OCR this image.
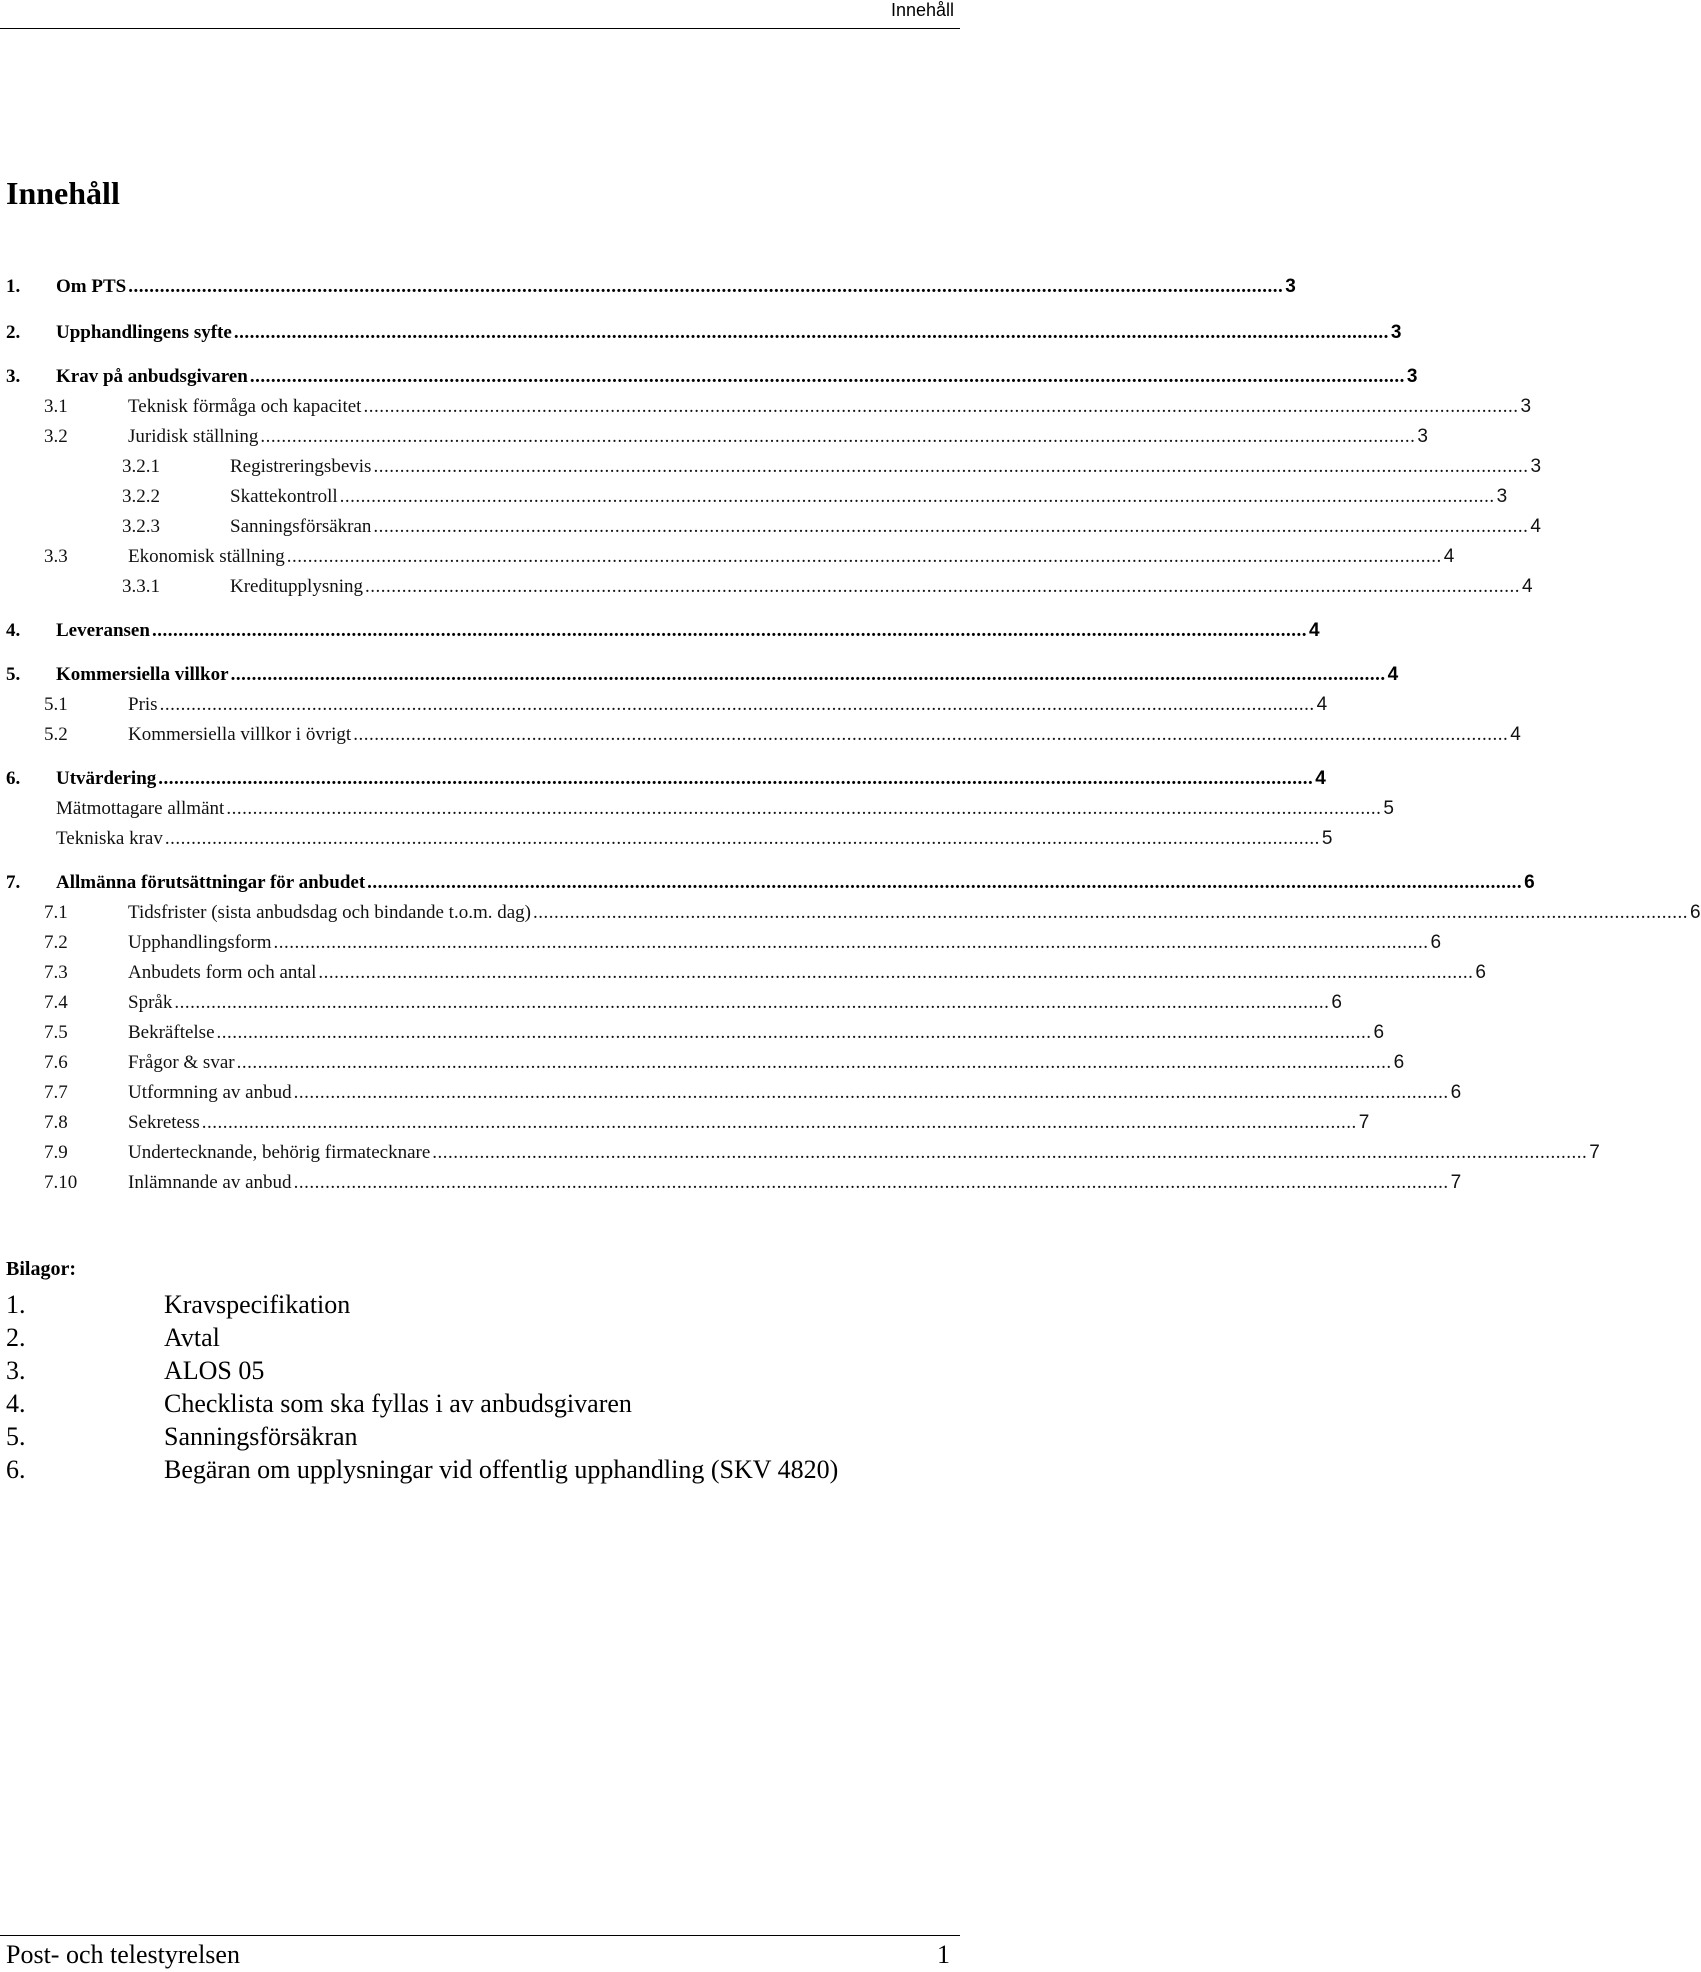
Innehåll
Innehåll
1. Om PTS ............................................................................................................................................................................................................................ 3
2. Upphandlingens syfte ............................................................................................................................................................................................................................ 3
3. Krav på anbudsgivaren ............................................................................................................................................................................................................................ 3
3.1	Teknisk förmåga och kapacitet ............................................................................................................................................................................................................................ 3
3.2	Juridisk ställning ............................................................................................................................................................................................................................ 3
3.2.1	Registreringsbevis ............................................................................................................................................................................................................................ 3
3.2.2	Skattekontroll ............................................................................................................................................................................................................................ 3
3.2.3	Sanningsförsäkran ............................................................................................................................................................................................................................ 4
3.3	Ekonomisk ställning ............................................................................................................................................................................................................................ 4
3.3.1	Kreditupplysning ............................................................................................................................................................................................................................ 4
4. Leveransen ............................................................................................................................................................................................................................ 4
5. Kommersiella villkor ............................................................................................................................................................................................................................ 4
5.1	Pris ............................................................................................................................................................................................................................ 4
5.2	Kommersiella villkor i övrigt ............................................................................................................................................................................................................................ 4
6. Utvärdering ............................................................................................................................................................................................................................ 4
Mätmottagare allmänt ............................................................................................................................................................................................................................ 5
Tekniska krav ............................................................................................................................................................................................................................ 5
7. Allmänna förutsättningar för anbudet ............................................................................................................................................................................................................................ 6
7.1	Tidsfrister (sista anbudsdag och bindande t.o.m. dag) ............................................................................................................................................................................................................................ 6
7.2	Upphandlingsform ............................................................................................................................................................................................................................ 6
7.3	Anbudets form och antal ............................................................................................................................................................................................................................ 6
7.4	Språk ............................................................................................................................................................................................................................ 6
7.5	Bekräftelse ............................................................................................................................................................................................................................ 6
7.6	Frågor & svar ............................................................................................................................................................................................................................ 6
7.7	Utformning av anbud ............................................................................................................................................................................................................................ 6
7.8	Sekretess ............................................................................................................................................................................................................................ 7
7.9	Undertecknande, behörig firmatecknare ............................................................................................................................................................................................................................ 7
7.10	Inlämnande av anbud ............................................................................................................................................................................................................................ 7
Bilagor:
1.	Kravspecifikation
2.	Avtal
3.	ALOS 05
4.	Checklista som ska fyllas i av anbudsgivaren
5.	Sanningsförsäkran
6.	Begäran om upplysningar vid offentlig upphandling (SKV 4820)
Post- och telestyrelsen	1
